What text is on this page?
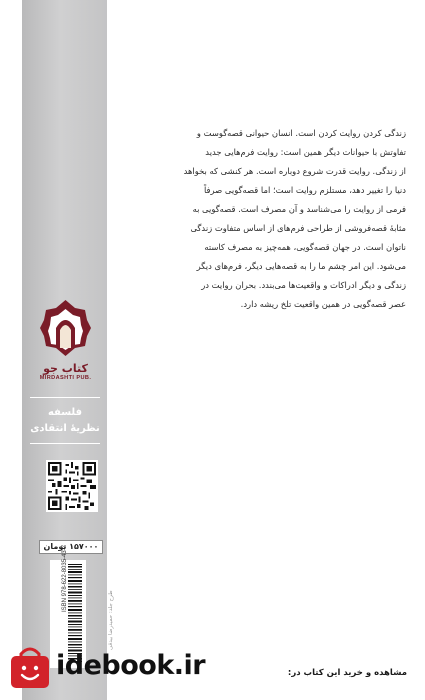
کتاب جو
MIRDASHTI PUB.
فلسفه
نظریهٔ انتقادی
۱۵۷۰۰۰ تومان
ISBN 978-622-8035-43-7
طرح جلد: حمیدرضا بیدقی
زندگی کردن روایت کردن است. انسان حیوانی قصه‌گوست و
تفاوتش با حیوانات دیگر همین است: روایت فرم‌هایی جدید
از زندگی. روایت قدرت شروع دوباره است. هر کنشی که بخواهد
دنیا را تغییر دهد، مستلزم روایت است؛ اما قصه‌گویی صرفاً
فرمی از روایت را می‌شناسد و آن مصرف است. قصه‌گویی به
مثابهٔ قصه‌فروشی از طراحی فرم‌های از اساس متفاوت زندگی
ناتوان است. در جهان قصه‌گویی، همه‌چیز به مصرف کاسته
می‌شود. این امر چشم ما را به قصه‌هایی دیگر، فرم‌های دیگر
زندگی و دیگر ادراکات و واقعیت‌ها می‌بندد. بحران روایت در
عصر قصه‌گویی در همین واقعیت تلخ ریشه دارد.
idebook.ir	مشاهده و خرید این کتاب در:
